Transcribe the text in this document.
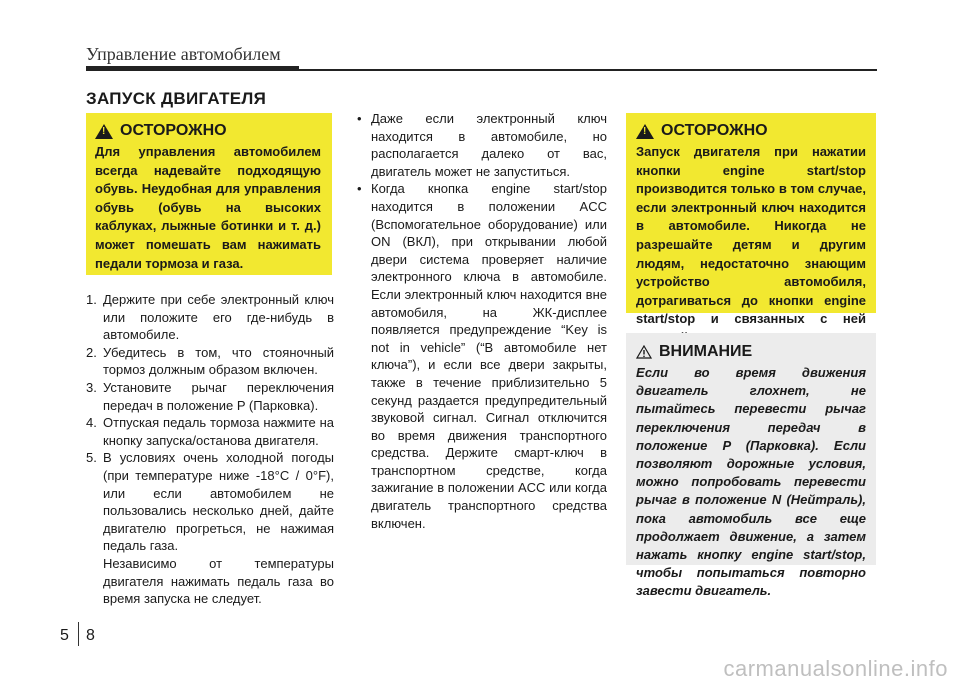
Управление автомобилем
ЗАПУСК ДВИГАТЕЛЯ
!
ОСТОРОЖНО

Для управления автомобилем всегда надевайте подходящую обувь. Неудобная для управления обувь (обувь на высоких каблуках, лыжные ботинки и т. д.) может помешать вам нажимать педали тормоза и газа.

1. Держите при себе электронный ключ или положите его где-нибудь в автомобиле.
2. Убедитесь в том, что стояночный тормоз должным образом включен.
3. Установите рычаг переключения передач в положение P (Парковка).
4. Отпуская педаль тормоза нажмите на кнопку запуска/останова двигателя.
5. В условиях очень холодной погоды (при температуре ниже -18°C / 0°F), или если автомобилем не пользовались несколько дней, дайте двигателю прогреться, не нажимая педаль газа.

Независимо от температуры двигателя нажимать педаль газа во время запуска не следует.

• Даже если электронный ключ находится в автомобиле, но располагается далеко от вас, двигатель может не запуститься.
• Когда кнопка engine start/stop находится в положении ACC (Вспомогательное оборудование) или ON (ВКЛ), при открывании любой двери система проверяет наличие электронного ключа в автомобиле. Если электронный ключ находится вне автомобиля, на ЖК-дисплее появляется предупреждение “Key is not in vehicle” (“В автомобиле нет ключа”), и если все двери закрыты, также в течение приблизительно 5 секунд раздается предупредительный звуковой сигнал. Сигнал отключится во время движения транспортного средства. Держите смарт-ключ в транспортном средстве, когда зажигание в положении ACC или когда двигатель транспортного средства включен.
!
ОСТОРОЖНО

Запуск двигателя при нажатии кнопки engine start/stop производится только в том случае, если электронный ключ находится в автомобиле. Никогда не разрешайте детям и другим людям, недостаточно знающим устройство автомобиля, дотрагиваться до кнопки engine start/stop и связанных с ней

ВНИМАНИЕ

Если во время движения двигатель глохнет, не пытайтесь перевести рычаг переключения передач в положение P (Парковка). Если позволяют дорожные условия, можно попробовать перевести рычаг в положение N (Нейтраль), пока автомобиль все еще продолжает движение, а затем нажать кнопку engine start/stop, чтобы попытаться повторно завести двигатель.

5 8
carmanualsonline.info
